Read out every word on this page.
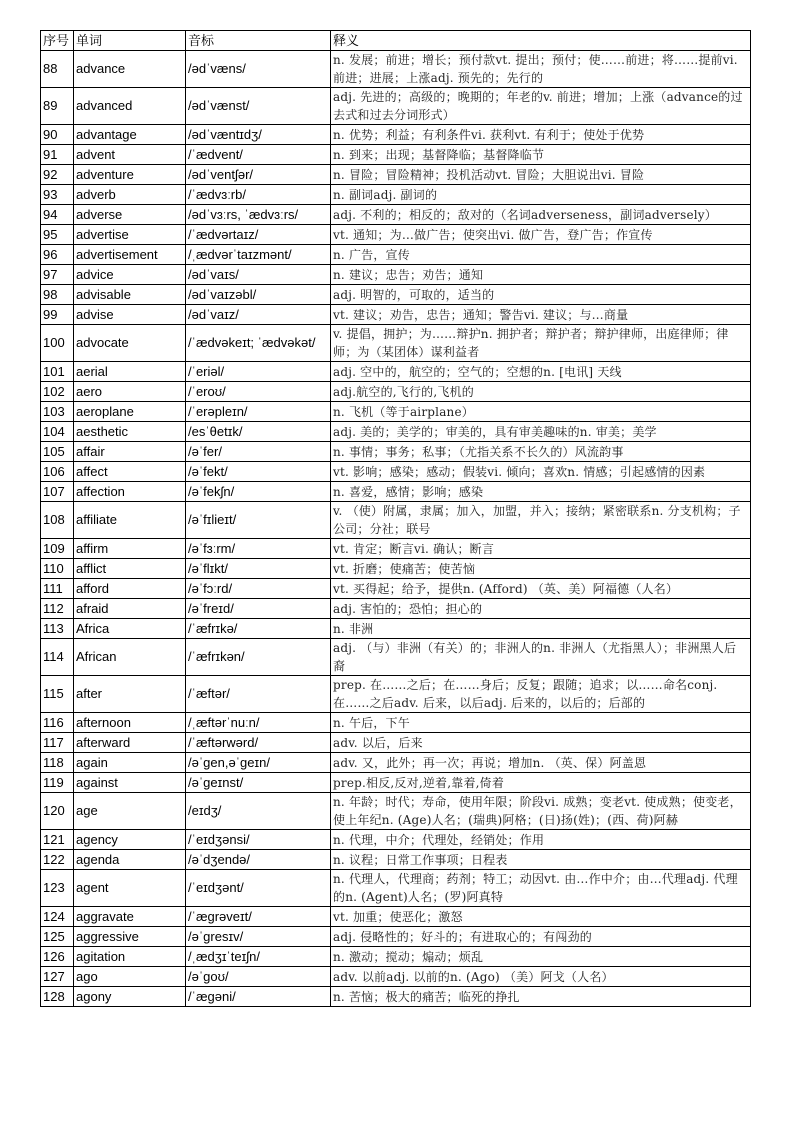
序号	单词	音标	释义
88	advance	/ədˈvæns/	n. 发展；前进；增长；预付款vt. 提出；预付；使……前进；将……提前vi. 前进；进展；上涨adj. 预先的；先行的
89	advanced	/ədˈvænst/	adj. 先进的；高级的；晚期的；年老的v. 前进；增加；上涨（advance的过去式和过去分词形式）
90	advantage	/ədˈvæntɪdʒ/	n. 优势；利益；有利条件vi. 获利vt. 有利于；使处于优势
91	advent	/ˈædvent/	n. 到来；出现；基督降临；基督降临节
92	adventure	/ədˈventʃər/	n. 冒险；冒险精神；投机活动vt. 冒险；大胆说出vi. 冒险
93	adverb	/ˈædvɜːrb/	n. 副词adj. 副词的
94	adverse	/ədˈvɜːrs, ˈædvɜːrs/	adj. 不利的；相反的；敌对的（名词adverseness，副词adversely）
95	advertise	/ˈædvərtaɪz/	vt. 通知；为…做广告；使突出vi. 做广告，登广告；作宣传
96	advertisement	/ˌædvərˈtaɪzmənt/	n. 广告，宣传
97	advice	/ədˈvaɪs/	n. 建议；忠告；劝告；通知
98	advisable	/ədˈvaɪzəbl/	adj. 明智的，可取的，适当的
99	advise	/ədˈvaɪz/	vt. 建议；劝告，忠告；通知；警告vi. 建议；与…商量
100	advocate	/ˈædvəkeɪt; ˈædvəkət/	v. 提倡，拥护；为……辩护n. 拥护者；辩护者；辩护律师，出庭律师；律师；为（某团体）谋利益者
101	aerial	/ˈeriəl/	adj. 空中的，航空的；空气的；空想的n. [电讯] 天线
102	aero	/ˈeroʊ/	adj.航空的,飞行的,飞机的
103	aeroplane	/ˈerəpleɪn/	n. 飞机（等于airplane）
104	aesthetic	/esˈθetɪk/	adj. 美的；美学的；审美的，具有审美趣味的n. 审美；美学
105	affair	/əˈfer/	n. 事情；事务；私事；（尤指关系不长久的）风流韵事
106	affect	/əˈfekt/	vt. 影响；感染；感动；假装vi. 倾向；喜欢n. 情感；引起感情的因素
107	affection	/əˈfekʃn/	n. 喜爱，感情；影响；感染
108	affiliate	/əˈfɪlieɪt/	v. （使）附属，隶属；加入，加盟，并入；接纳；紧密联系n. 分支机构；子公司；分社；联号
109	affirm	/əˈfɜːrm/	vt. 肯定；断言vi. 确认；断言
110	afflict	/əˈflɪkt/	vt. 折磨；使痛苦；使苦恼
111	afford	/əˈfɔːrd/	vt. 买得起；给予，提供n. (Afford) （英、美）阿福德（人名）
112	afraid	/əˈfreɪd/	adj. 害怕的；恐怕；担心的
113	Africa	/ˈæfrɪkə/	n. 非洲
114	African	/ˈæfrɪkən/	adj. （与）非洲（有关）的；非洲人的n. 非洲人（尤指黑人）；非洲黑人后裔
115	after	/ˈæftər/	prep. 在……之后；在……身后；反复；跟随；追求；以……命名conj. 在……之后adv. 后来，以后adj. 后来的，以后的；后部的
116	afternoon	/ˌæftərˈnuːn/	n. 午后，下午
117	afterward	/ˈæftərwərd/	adv. 以后，后来
118	again	/əˈgen,əˈgeɪn/	adv. 又，此外；再一次；再说；增加n. （英、保）阿盖恩
119	against	/əˈgeɪnst/	prep.相反,反对,逆着,靠着,倚着
120	age	/eɪdʒ/	n. 年龄；时代；寿命，使用年限；阶段vi. 成熟；变老vt. 使成熟；使变老，使上年纪n. (Age)人名；(瑞典)阿格；(日)扬(姓)；(西、荷)阿赫
121	agency	/ˈeɪdʒənsi/	n. 代理，中介；代理处，经销处；作用
122	agenda	/əˈdʒendə/	n. 议程；日常工作事项；日程表
123	agent	/ˈeɪdʒənt/	n. 代理人，代理商；药剂；特工；动因vt. 由…作中介；由…代理adj. 代理的n. (Agent)人名；(罗)阿真特
124	aggravate	/ˈægrəveɪt/	vt. 加重；使恶化；激怒
125	aggressive	/əˈgresɪv/	adj. 侵略性的；好斗的；有进取心的；有闯劲的
126	agitation	/ˌædʒɪˈteɪʃn/	n. 激动；搅动；煽动；烦乱
127	ago	/əˈgoʊ/	adv. 以前adj. 以前的n. (Ago) （美）阿戈（人名）
128	agony	/ˈægəni/	n. 苦恼；极大的痛苦；临死的挣扎
